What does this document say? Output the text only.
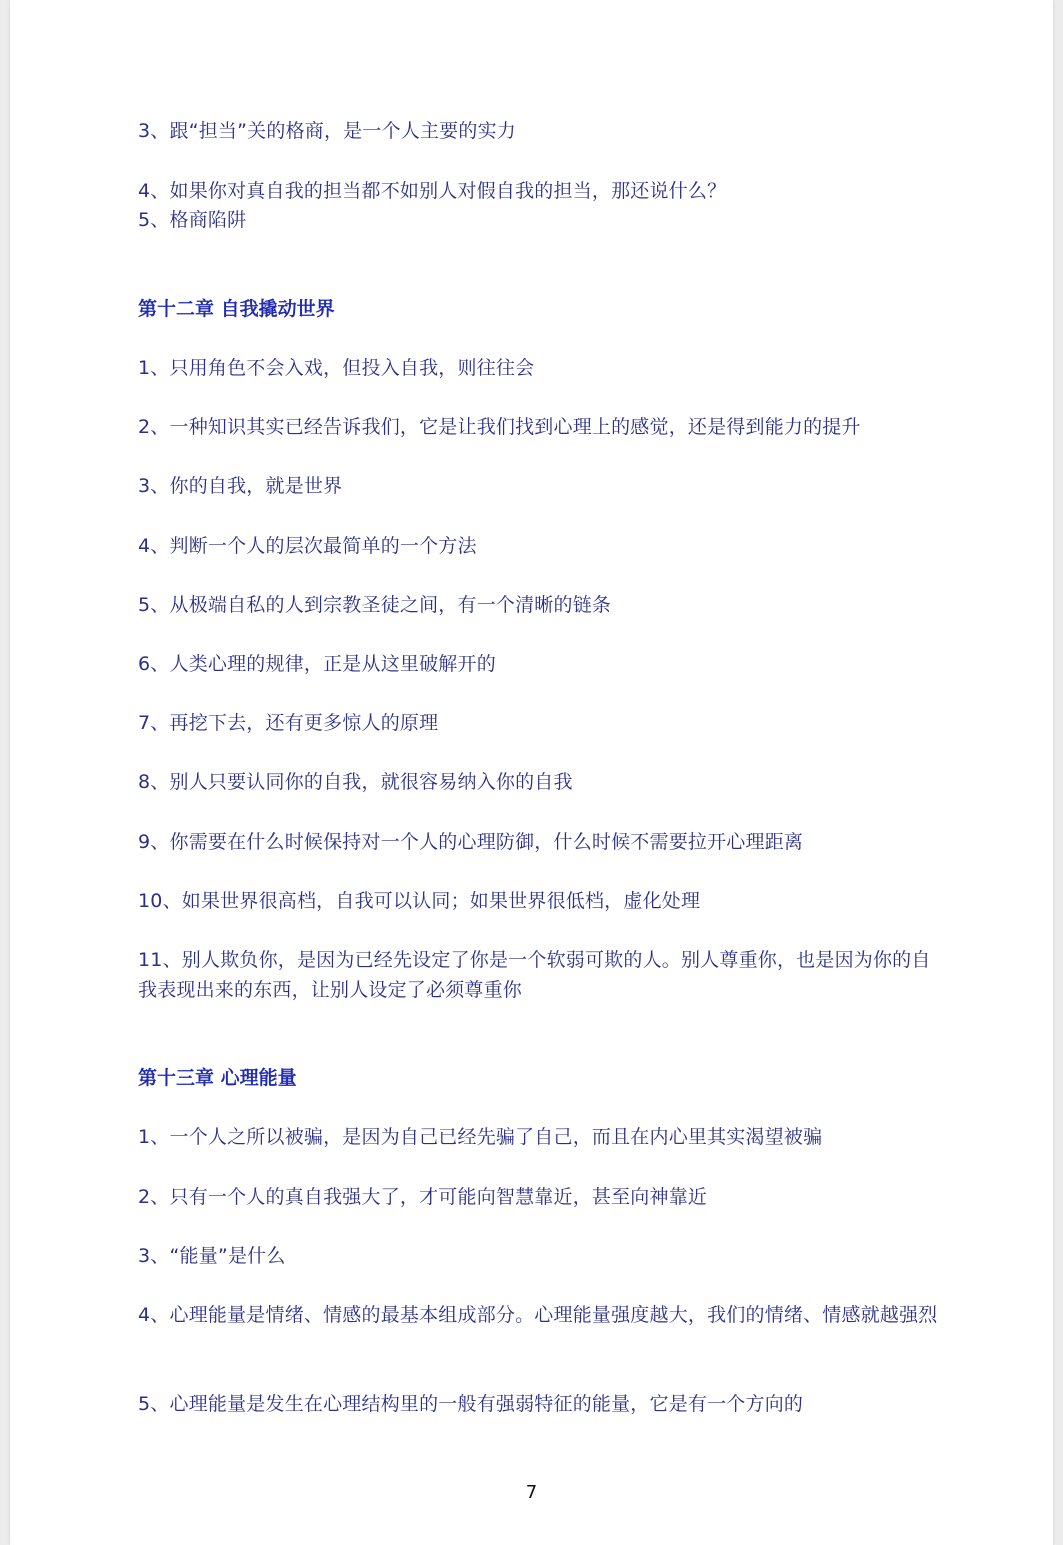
3、跟“担当”关的格商，是一个人主要的实力

4、如果你对真自我的担当都不如别人对假自我的担当，那还说什么？

5、格商陷阱

第十二章 自我撬动世界

1、只用角色不会入戏，但投入自我，则往往会

2、一种知识其实已经告诉我们，它是让我们找到心理上的感觉，还是得到能力的提升

3、你的自我，就是世界

4、判断一个人的层次最简单的一个方法

5、从极端自私的人到宗教圣徒之间，有一个清晰的链条

6、人类心理的规律，正是从这里破解开的

7、再挖下去，还有更多惊人的原理

8、别人只要认同你的自我，就很容易纳入你的自我

9、你需要在什么时候保持对一个人的心理防御，什么时候不需要拉开心理距离

10、如果世界很高档，自我可以认同；如果世界很低档，虚化处理

11、别人欺负你，是因为已经先设定了你是一个软弱可欺的人。别人尊重你，也是因为你的自我表现出来的东西，让别人设定了必须尊重你

第十三章 心理能量

1、一个人之所以被骗，是因为自己已经先骗了自己，而且在内心里其实渴望被骗

2、只有一个人的真自我强大了，才可能向智慧靠近，甚至向神靠近

3、“能量”是什么

4、心理能量是情绪、情感的最基本组成部分。心理能量强度越大，我们的情绪、情感就越强烈

5、心理能量是发生在心理结构里的一般有强弱特征的能量，它是有一个方向的

7
